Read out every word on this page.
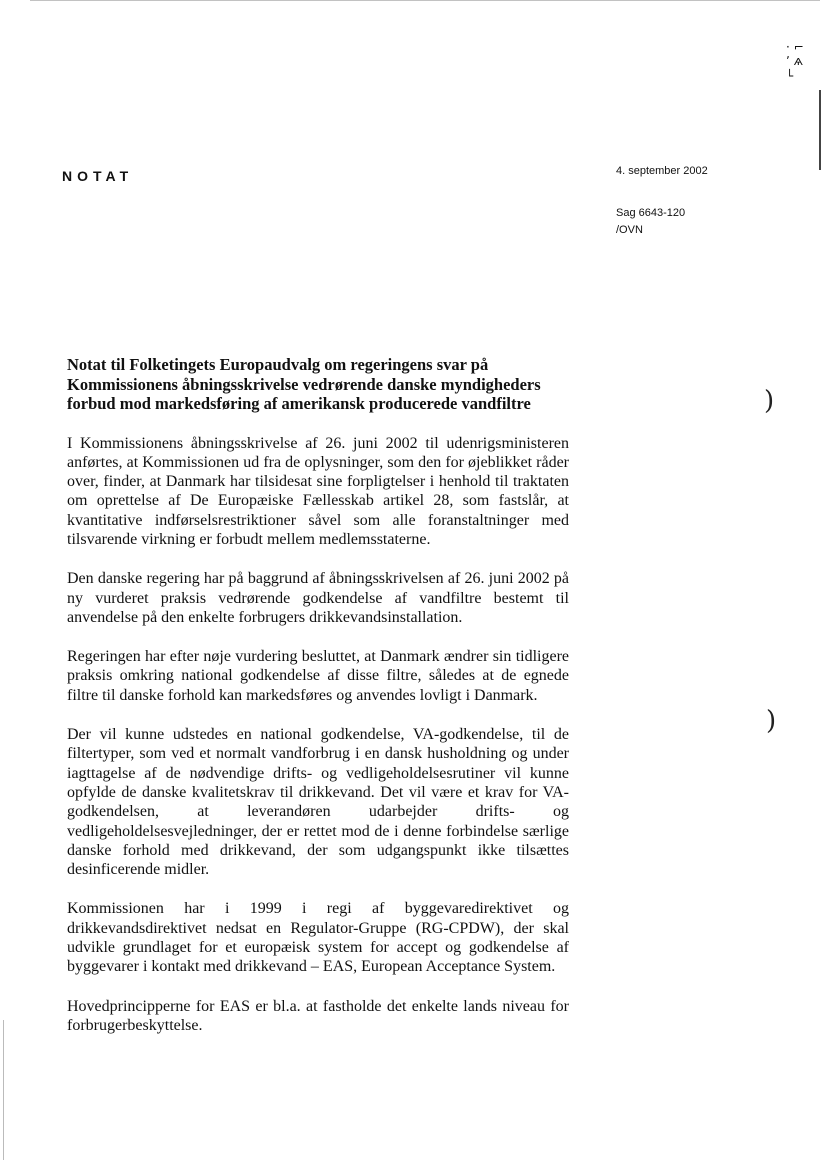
· ⌐ ʼ ѧ └
)
)
NOTAT	4. september 2002
Sag 6643-120
/OVN
Notat til Folketingets Europaudvalg om regeringens svar på Kommissionens åbningsskrivelse vedrørende danske myndigheders forbud mod markedsføring af amerikansk producerede vandfiltre
I Kommissionens åbningsskrivelse af 26. juni 2002 til udenrigsministeren anførtes, at Kommissionen ud fra de oplysninger, som den for øjeblikket råder over, finder, at Danmark har tilsidesat sine forpligtelser i henhold til traktaten om oprettelse af De Europæiske Fællesskab artikel 28, som fastslår, at kvantitative indførselsrestriktioner såvel som alle foranstaltninger med tilsvarende virkning er forbudt mellem medlemsstaterne.
Den danske regering har på baggrund af åbningsskrivelsen af 26. juni 2002 på ny vurderet praksis vedrørende godkendelse af vandfiltre bestemt til anvendelse på den enkelte forbrugers drikkevandsinstallation.
Regeringen har efter nøje vurdering besluttet, at Danmark ændrer sin tidligere praksis omkring national godkendelse af disse filtre, således at de egnede filtre til danske forhold kan markedsføres og anvendes lovligt i Danmark.
Der vil kunne udstedes en national godkendelse, VA-godkendelse, til de filtertyper, som ved et normalt vandforbrug i en dansk husholdning og under iagttagelse af de nødvendige drifts- og vedligeholdelsesrutiner vil kunne opfylde de danske kvalitetskrav til drikkevand. Det vil være et krav for VA-godkendelsen, at leverandøren udarbejder drifts- og vedligeholdelsesvejledninger, der er rettet mod de i denne forbindelse særlige danske forhold med drikkevand, der som udgangspunkt ikke tilsættes desinficerende midler.
Kommissionen har i 1999 i regi af byggevaredirektivet og drikkevandsdirektivet nedsat en Regulator-Gruppe (RG-CPDW), der skal udvikle grundlaget for et europæisk system for accept og godkendelse af byggevarer i kontakt med drikkevand – EAS, European Acceptance System.
Hovedprincipperne for EAS er bl.a. at fastholde det enkelte lands niveau for forbrugerbeskyttelse.
